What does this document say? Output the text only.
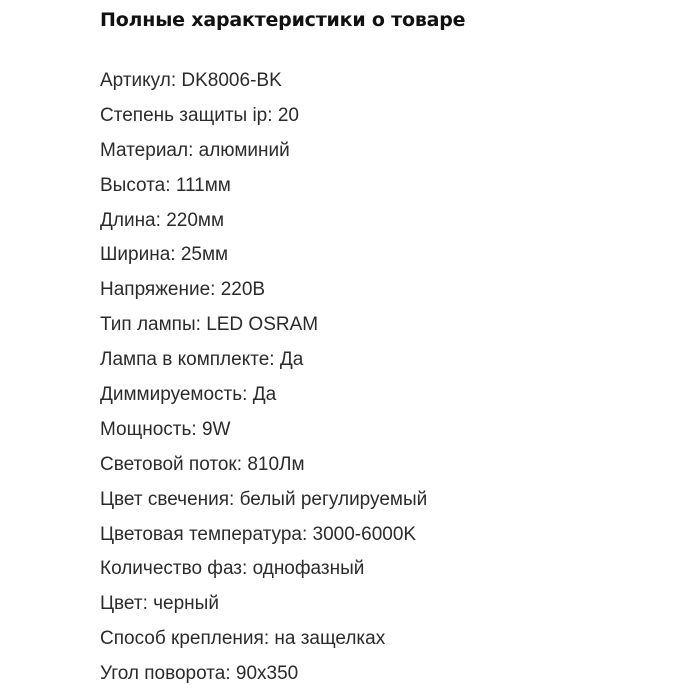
Полные характеристики о товаре
Артикул: DK8006-BK
Степень защиты ip: 20
Материал: алюминий
Высота: 111мм
Длина: 220мм
Ширина: 25мм
Напряжение: 220В
Тип лампы: LED OSRAM
Лампа в комплекте: Да
Диммируемость: Да
Мощность: 9W
Световой поток: 810Лм
Цвет свечения: белый регулируемый
Цветовая температура: 3000-6000K
Количество фаз: однофазный
Цвет: черный
Способ крепления: на защелках
Угол поворота: 90x350
